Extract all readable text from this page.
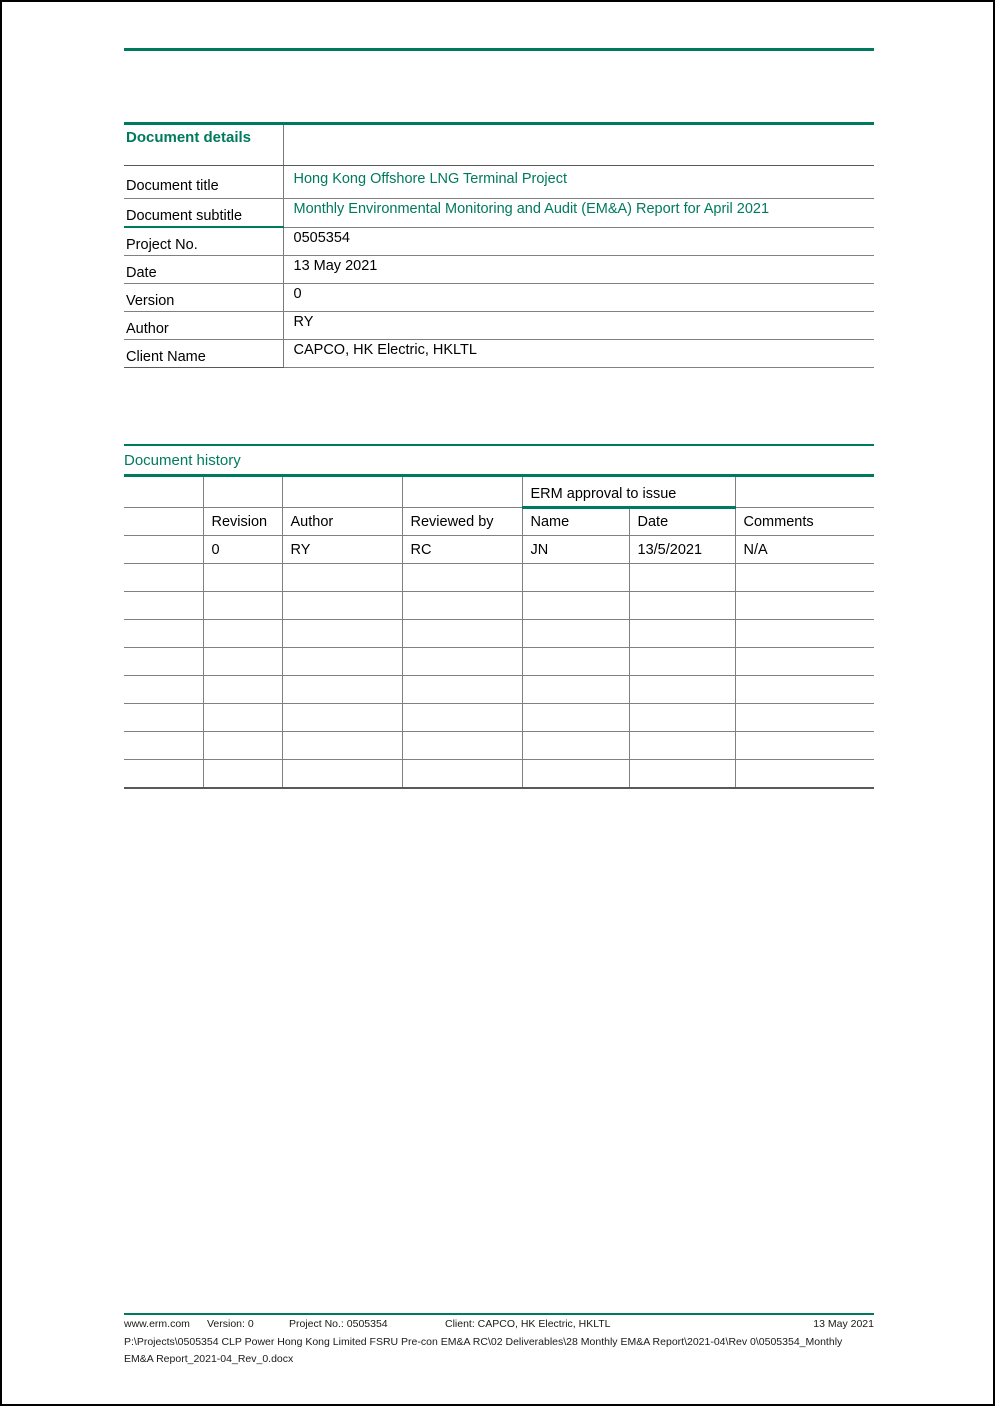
Document details	
Document title	Hong Kong Offshore LNG Terminal Project
Document subtitle	Monthly Environmental Monitoring and Audit (EM&A) Report for April 2021
Project No.	0505354
Date	13 May 2021
Version	0
Author	RY
Client Name	CAPCO, HK Electric, HKLTL
Document history
				ERM approval to issue		
	Revision	Author	Reviewed by	Name	Date	Comments
	0	RY	RC	JN	13/5/2021	N/A

www.erm.com Version: 0	Project No.: 0505354	Client: CAPCO, HK Electric, HKLTL	13 May 2021
P:\Projects\0505354 CLP Power Hong Kong Limited FSRU Pre-con EM&A RC\02 Deliverables\28 Monthly EM&A Report\2021-04\Rev 0\0505354_Monthly EM&A Report_2021-04_Rev_0.docx
